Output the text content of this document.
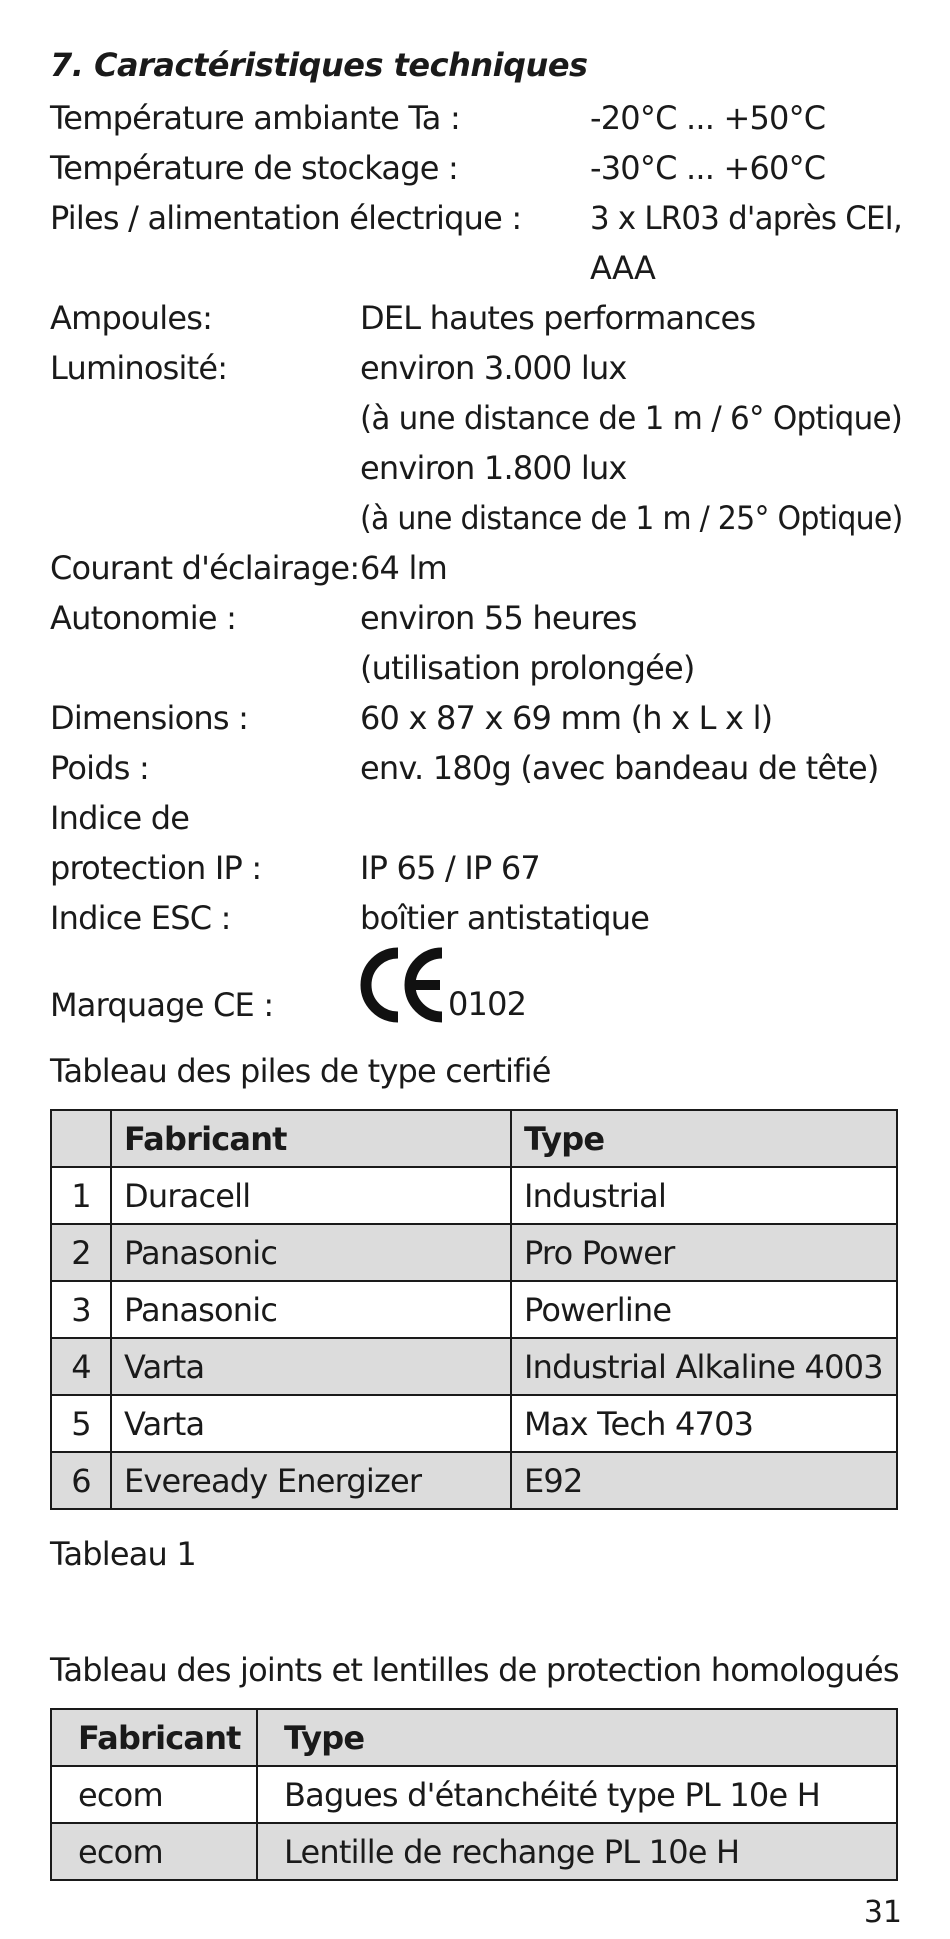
7. Caractéristiques techniques
Température ambiante Ta :	-20°C ... +50°C
Température de stockage :	-30°C ... +60°C
Piles / alimentation électrique : 3 x LR03 d'après CEI,
AAA
Ampoules:	DEL hautes performances
Luminosité:	environ 3.000 lux
(à une distance de 1 m / 6° Optique)
environ 1.800 lux
(à une distance de 1 m / 25° Optique)
Courant d'éclairage: 64 lm
Autonomie :	environ 55 heures
(utilisation prolongée)
Dimensions :	60 x 87 x 69 mm (h x L x l)
Poids :	env. 180g (avec bandeau de tête)
Indice de
protection IP :	IP 65 / IP 67
Indice ESC :	boîtier antistatique
Marquage CE :	0102
Tableau des piles de type certifié
	Fabricant	Type
1	Duracell	Industrial
2	Panasonic	Pro Power
3	Panasonic	Powerline
4	Varta	Industrial Alkaline 4003
5	Varta	Max Tech 4703
6	Eveready Energizer	E92
Tableau 1
Tableau des joints et lentilles de protection homologués
Fabricant	Type
ecom	Bagues d'étanchéité type PL 10e H
ecom	Lentille de rechange PL 10e H
31
